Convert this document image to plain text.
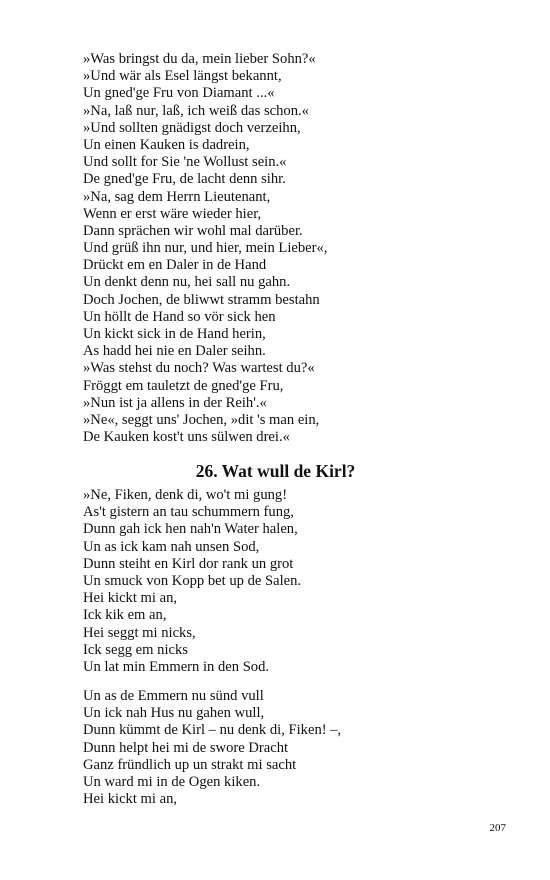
»Was bringst du da, mein lieber Sohn?«
»Und wär als Esel längst bekannt,
Un gned'ge Fru von Diamant ...«
»Na, laß nur, laß, ich weiß das schon.«
»Und sollten gnädigst doch verzeihn,
Un einen Kauken is dadrein,
Und sollt for Sie 'ne Wollust sein.«
De gned'ge Fru, de lacht denn sihr.
»Na, sag dem Herrn Lieutenant,
Wenn er erst wäre wieder hier,
Dann sprächen wir wohl mal darüber.
Und grüß ihn nur, und hier, mein Lieber«,
Drückt em en Daler in de Hand
Un denkt denn nu, hei sall nu gahn.
Doch Jochen, de bliwwt stramm bestahn
Un höllt de Hand so vör sick hen
Un kickt sick in de Hand herin,
As hadd hei nie en Daler seihn.
»Was stehst du noch? Was wartest du?«
Fröggt em tauletzt de gned'ge Fru,
»Nun ist ja allens in der Reih'.«
»Ne«, seggt uns' Jochen, »dit 's man ein,
De Kauken kost't uns sülwen drei.«
26. Wat wull de Kirl?
»Ne, Fiken, denk di, wo't mi gung!
As't gistern an tau schummern fung,
Dunn gah ick hen nah'n Water halen,
Un as ick kam nah unsen Sod,
Dunn steiht en Kirl dor rank un grot
Un smuck von Kopp bet up de Salen.
Hei kickt mi an,
Ick kik em an,
Hei seggt mi nicks,
Ick segg em nicks
Un lat min Emmern in den Sod.
Un as de Emmern nu sünd vull
Un ick nah Hus nu gahen wull,
Dunn kümmt de Kirl – nu denk di, Fiken! –,
Dunn helpt hei mi de swore Dracht
Ganz fründlich up un strakt mi sacht
Un ward mi in de Ogen kiken.
Hei kickt mi an,
207
